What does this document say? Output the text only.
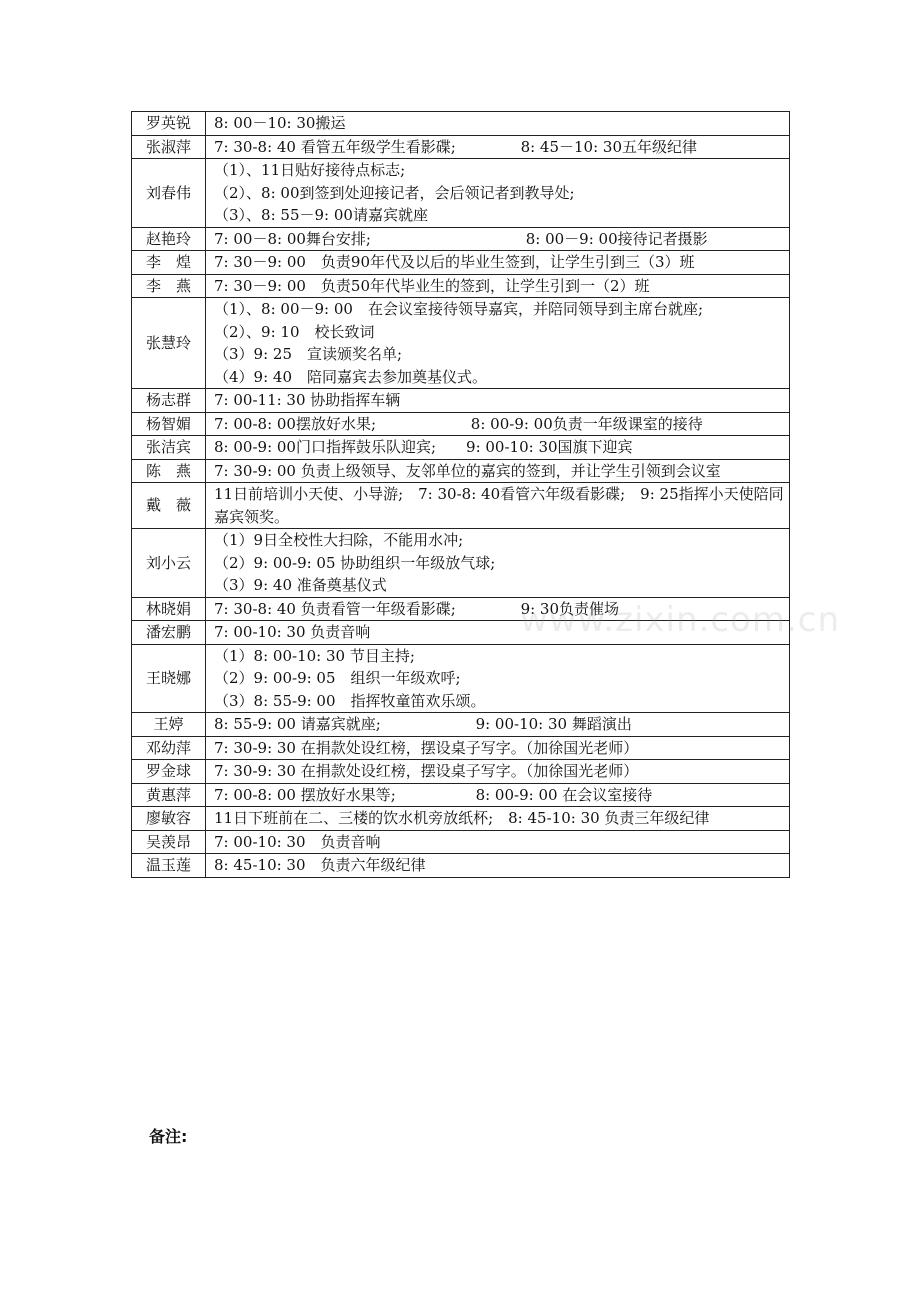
罗英锐	8: 00－10: 30搬运

张淑萍	7: 30-8: 40 看管五年级学生看影碟;　　　　 8: 45－10: 30五年级纪律

刘春伟	（1）、11日贴好接待点标志;
（2）、8: 00到签到处迎接记者，会后领记者到教导处;
（3）、8: 55－9: 00请嘉宾就座

赵艳玲	7: 00－8: 00舞台安排;　　　　　　　　　　 8: 00－9: 00接待记者摄影

李　煌	7: 30－9: 00　负责90年代及以后的毕业生签到，让学生引到三（3）班

李　燕	7: 30－9: 00　负责50年代毕业生的签到，让学生引到一（2）班

张慧玲	（1）、8: 00－9: 00　在会议室接待领导嘉宾，并陪同领导到主席台就座;
（2）、9: 10　校长致词
（3）9: 25　宣读颁奖名单;
（4）9: 40　陪同嘉宾去参加奠基仪式。

杨志群	7: 00-11: 30 协助指挥车辆

杨智媚	7: 00-8: 00摆放好水果;　　　　　　 8: 00-9: 00负责一年级课室的接待

张洁宾	8: 00-9: 00门口指挥鼓乐队迎宾;　　9: 00-10: 30国旗下迎宾

陈　燕	7: 30-9: 00 负责上级领导、友邻单位的嘉宾的签到，并让学生引领到会议室

戴　薇	11日前培训小天使、小导游;　7: 30-8: 40看管六年级看影碟;　9: 25指挥小天使陪同嘉宾领奖。

刘小云	（1）9日全校性大扫除，不能用水冲;
（2）9: 00-9: 05 协助组织一年级放气球;
（3）9: 40 准备奠基仪式

林晓娟	7: 30-8: 40 负责看管一年级看影碟;　　　　 9: 30负责催场

潘宏鹏	7: 00-10: 30 负责音响

王晓娜	（1）8: 00-10: 30 节目主持;
（2）9: 00-9: 05　组织一年级欢呼;
（3）8: 55-9: 00　指挥牧童笛欢乐颂。

王婷	8: 55-9: 00 请嘉宾就座;　　　　　　 9: 00-10: 30 舞蹈演出

邓幼萍	7: 30-9: 30 在捐款处设红榜，摆设桌子写字。（加徐国光老师）

罗金球	7: 30-9: 30 在捐款处设红榜，摆设桌子写字。（加徐国光老师）

黄惠萍	7: 00-8: 00 摆放好水果等;　　　　　 8: 00-9: 00 在会议室接待

廖敏容	11日下班前在二、三楼的饮水机旁放纸杯;　8: 45-10: 30 负责三年级纪律

吴羡昂	7: 00-10: 30　负责音响

温玉莲	8: 45-10: 30　负责六年级纪律
备注:
www.zixin.com.cn
